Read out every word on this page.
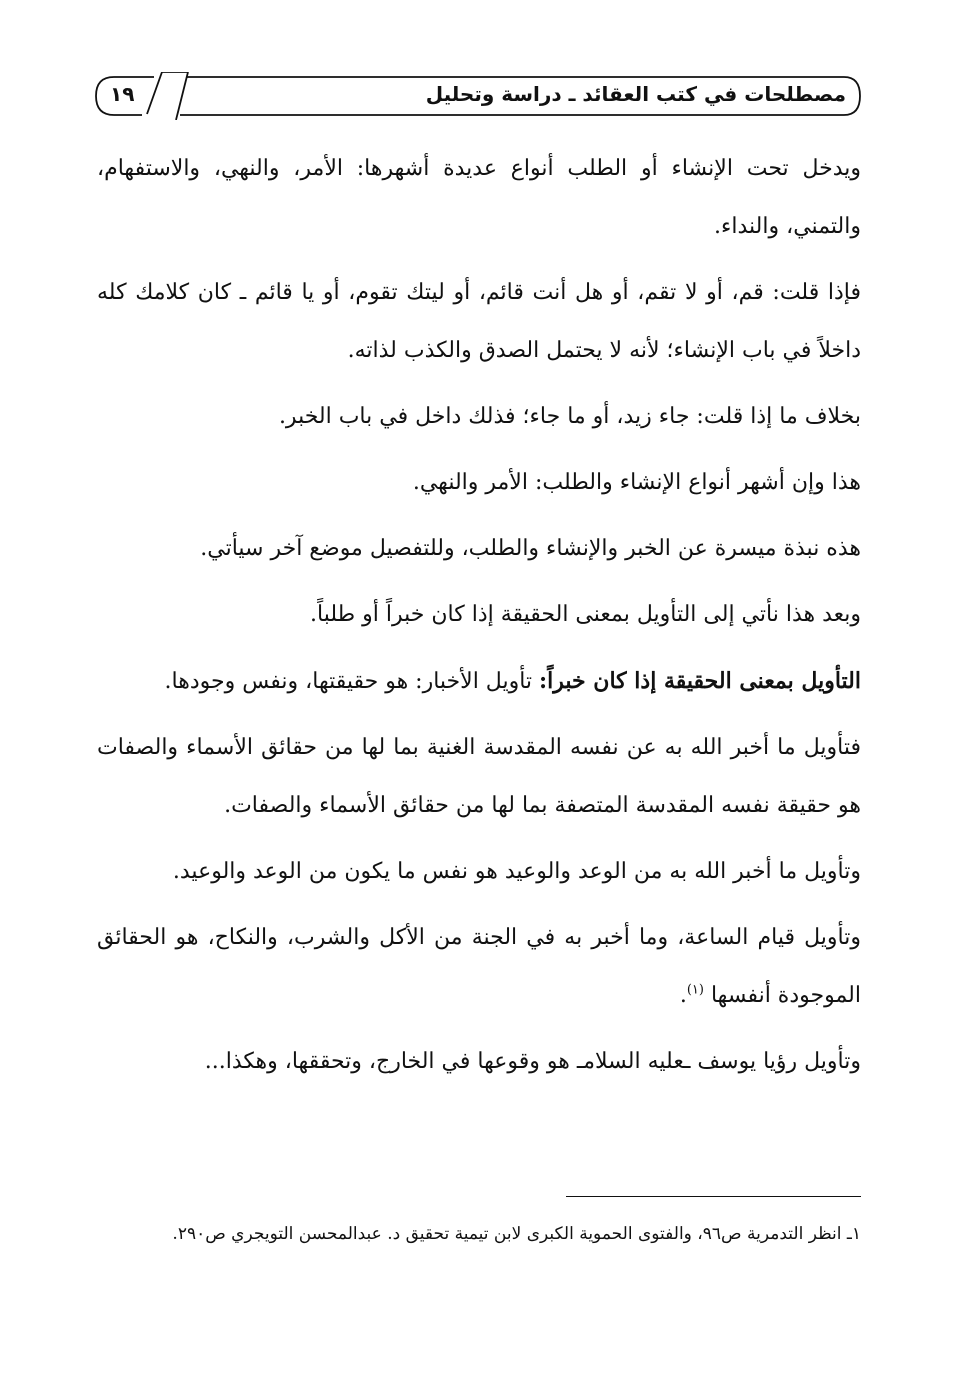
١٩	مصطلحات في كتب العقائد ـ دراسة وتحليل

ويدخل تحت الإنشاء أو الطلب أنواع عديدة أشهرها: الأمر، والنهي، والاستفهام، والتمني، والنداء.

فإذا قلت: قم، أو لا تقم، أو هل أنت قائم، أو ليتك تقوم، أو يا قائم ـ كان كلامك كله داخلاً في باب الإنشاء؛ لأنه لا يحتمل الصدق والكذب لذاته.

بخلاف ما إذا قلت: جاء زيد، أو ما جاء؛ فذلك داخل في باب الخبر.

هذا وإن أشهر أنواع الإنشاء والطلب: الأمر والنهي.

هذه نبذة ميسرة عن الخبر والإنشاء والطلب، وللتفصيل موضع آخر سيأتي.

وبعد هذا نأتي إلى التأويل بمعنى الحقيقة إذا كان خبراً أو طلباً.

التأويل بمعنى الحقيقة إذا كان خبراً: تأويل الأخبار: هو حقيقتها، ونفس وجودها.

فتأويل ما أخبر الله به عن نفسه المقدسة الغنية بما لها من حقائق الأسماء والصفات هو حقيقة نفسه المقدسة المتصفة بما لها من حقائق الأسماء والصفات.

وتأويل ما أخبر الله به من الوعد والوعيد هو نفس ما يكون من الوعد والوعيد.

وتأويل قيام الساعة، وما أخبر به في الجنة من الأكل والشرب، والنكاح، هو الحقائق الموجودة أنفسها $^{(١)}$.

وتأويل رؤيا يوسف ـعليه السلامـ هو وقوعها في الخارج، وتحققها، وهكذا...

١ـ انظر التدمرية ص٩٦، والفتوى الحموية الكبرى لابن تيمية تحقيق د. عبدالمحسن التويجري ص٢٩٠.
